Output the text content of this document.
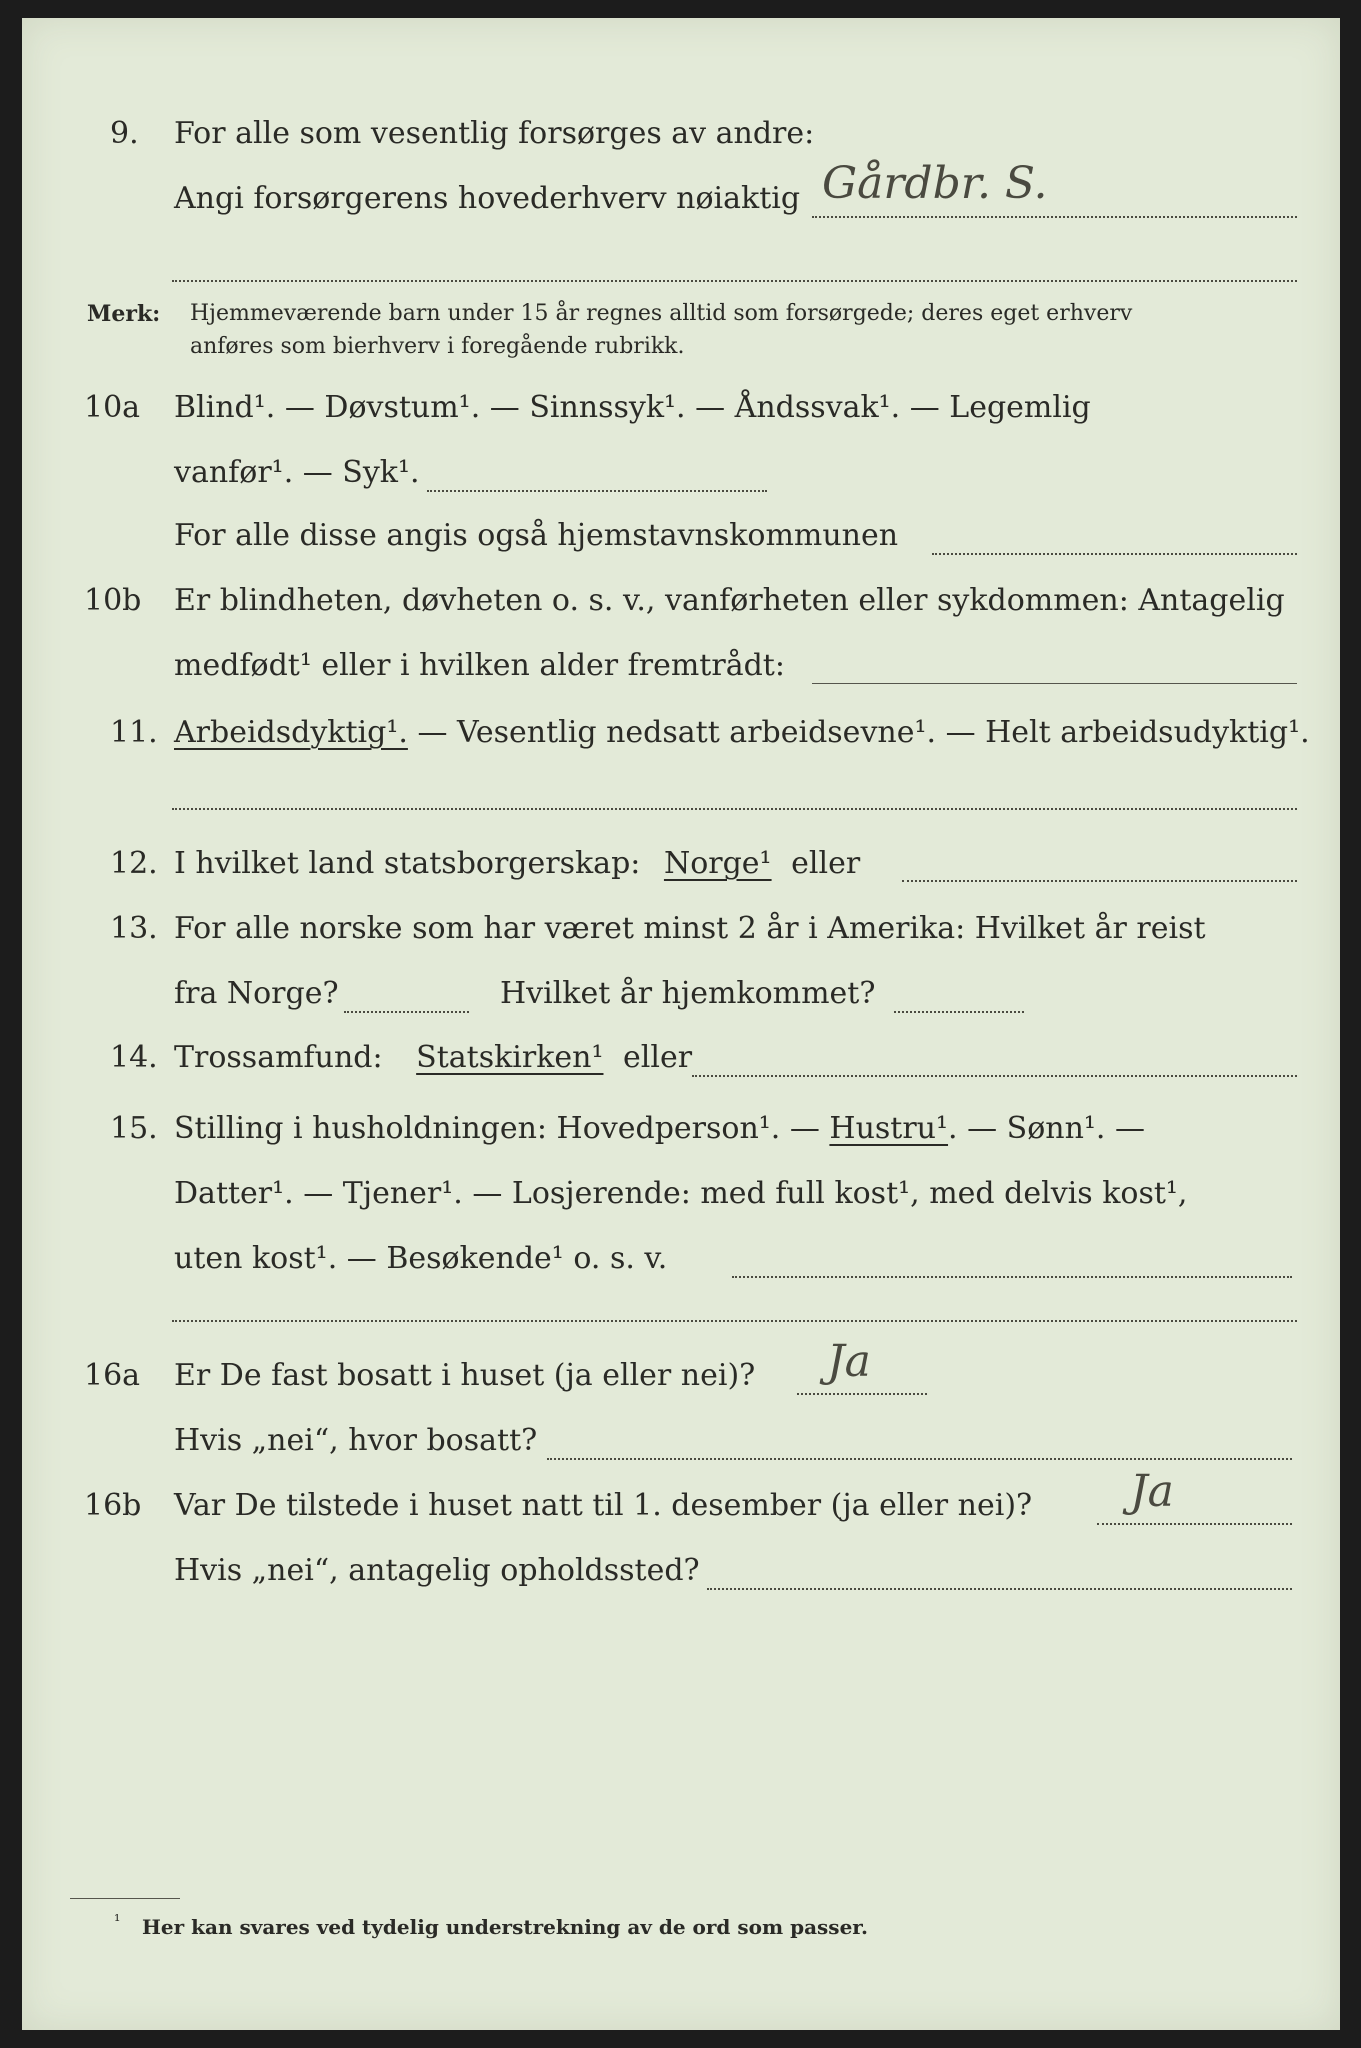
9. For alle som vesentlig forsørges av andre:
Angi forsørgerens hovederhverv nøiaktig Gårdbr. S.
Merk: Hjemmeværende barn under 15 år regnes alltid som forsørgede; deres eget erhverv
anføres som bierhverv i foregående rubrikk.
10a Blind¹. — Døvstum¹. — Sinnssyk¹. — Åndssvak¹. — Legemlig
vanfør¹. — Syk¹.
For alle disse angis også hjemstavnskommunen
10b Er blindheten, døvheten o. s. v., vanførheten eller sykdommen: Antagelig
medfødt¹ eller i hvilken alder fremtrådt:
11. Arbeidsdyktig¹. — Vesentlig nedsatt arbeidsevne¹. — Helt arbeidsudyktig¹.
12. I hvilket land statsborgerskap: Norge¹ eller
13. For alle norske som har været minst 2 år i Amerika: Hvilket år reist
fra Norge?	Hvilket år hjemkommet?
14. Trossamfund: Statskirken¹ eller
15. Stilling i husholdningen: Hovedperson¹. — Hustru¹. — Sønn¹. —
Datter¹. — Tjener¹. — Losjerende: med full kost¹, med delvis kost¹,
uten kost¹. — Besøkende¹ o. s. v.
16a Er De fast bosatt i huset (ja eller nei)? Ja
Hvis „nei“, hvor bosatt?
16b Var De tilstede i huset natt til 1. desember (ja eller nei)? Ja
Hvis „nei“, antagelig opholdssted?
¹ Her kan svares ved tydelig understrekning av de ord som passer.
